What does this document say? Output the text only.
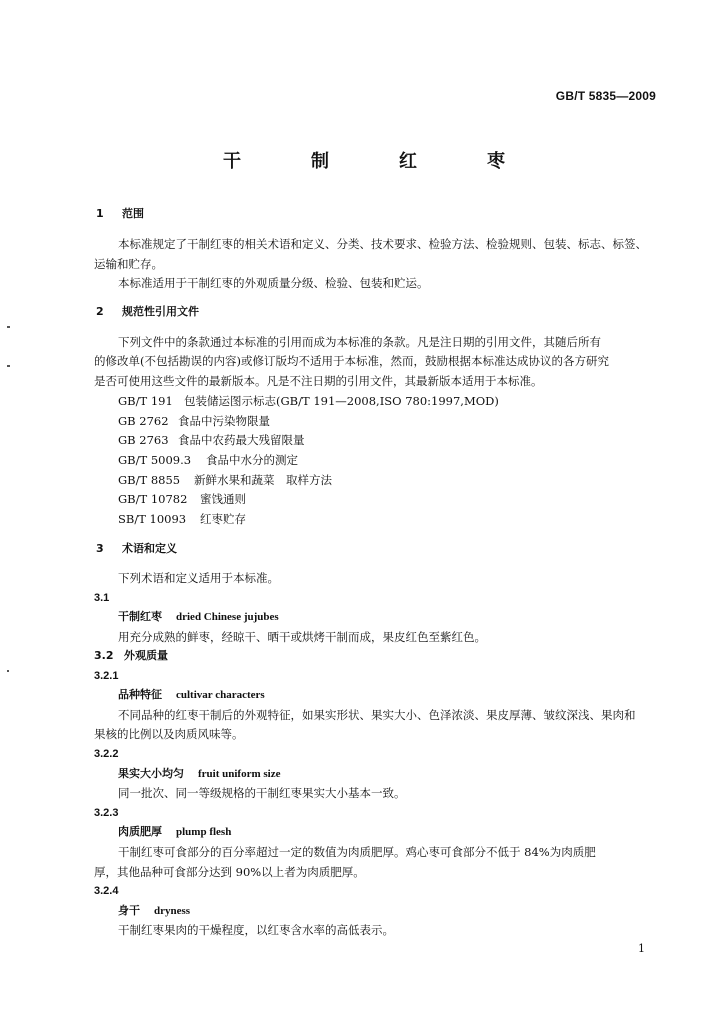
GB/T 5835—2009
干　制　红　枣
1 范围
本标准规定了干制红枣的相关术语和定义、分类、技术要求、检验方法、检验规则、包装、标志、标签、
运输和贮存。
本标准适用于干制红枣的外观质量分级、检验、包装和贮运。
2 规范性引用文件
下列文件中的条款通过本标准的引用而成为本标准的条款。凡是注日期的引用文件，其随后所有
的修改单(不包括勘误的内容)或修订版均不适用于本标准，然而，鼓励根据本标准达成协议的各方研究
是否可使用这些文件的最新版本。凡是不注日期的引用文件，其最新版本适用于本标准。
GB/T 191 包装储运图示标志(GB/T 191—2008,ISO 780:1997,MOD)
GB 2762 食品中污染物限量
GB 2763 食品中农药最大残留限量
GB/T 5009.3 食品中水分的测定
GB/T 8855 新鲜水果和蔬菜　取样方法
GB/T 10782 蜜饯通则
SB/T 10093 红枣贮存
3 术语和定义
下列术语和定义适用于本标准。
3.1
干制红枣 dried Chinese jujubes
用充分成熟的鲜枣，经晾干、晒干或烘烤干制而成，果皮红色至紫红色。
3.2 外观质量
3.2.1
品种特征 cultivar characters
不同品种的红枣干制后的外观特征，如果实形状、果实大小、色泽浓淡、果皮厚薄、皱纹深浅、果肉和
果核的比例以及肉质风味等。
3.2.2
果实大小均匀 fruit uniform size
同一批次、同一等级规格的干制红枣果实大小基本一致。
3.2.3
肉质肥厚 plump flesh
干制红枣可食部分的百分率超过一定的数值为肉质肥厚。鸡心枣可食部分不低于 84%为肉质肥
厚，其他品种可食部分达到 90%以上者为肉质肥厚。
3.2.4
身干 dryness
干制红枣果肉的干燥程度，以红枣含水率的高低表示。
1
